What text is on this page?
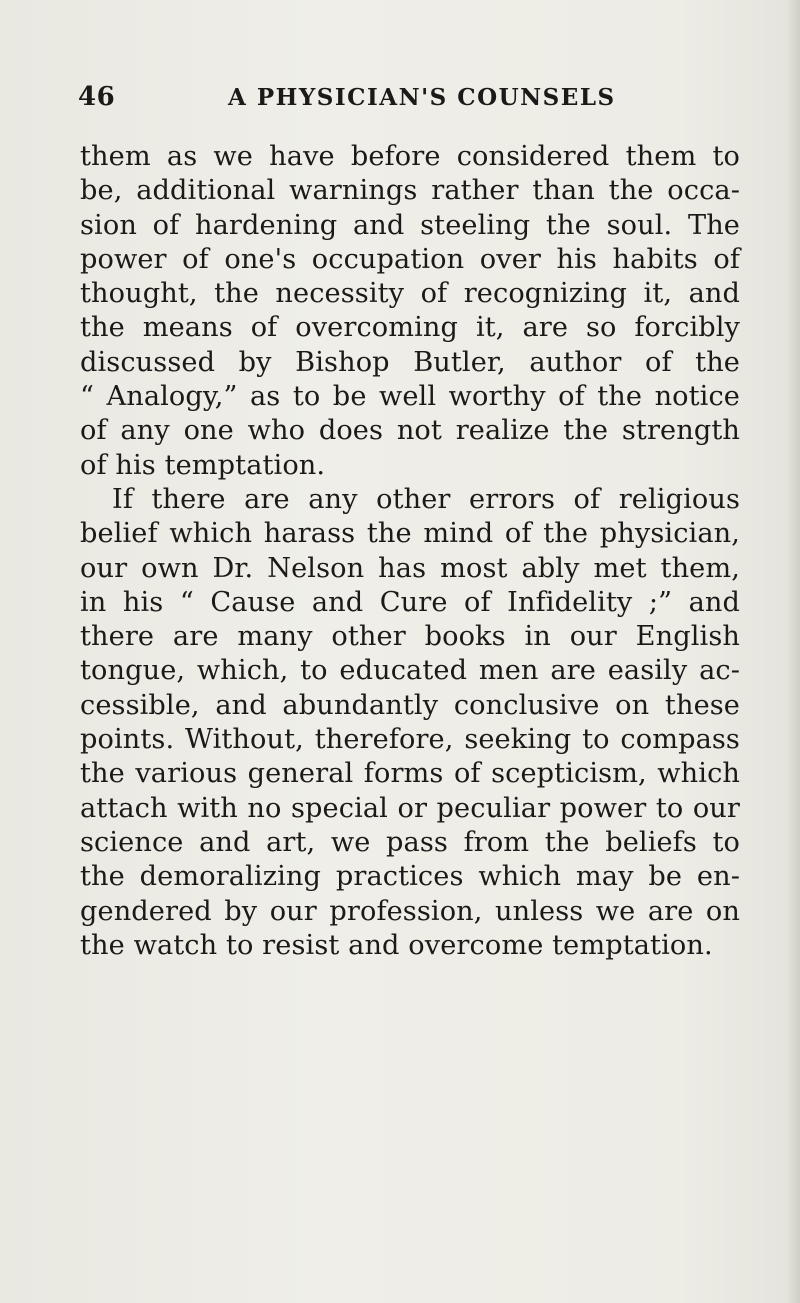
46	A PHYSICIAN'S COUNSELS
them as we have before considered them to
be, additional warnings rather than the occa-
sion of hardening and steeling the soul. The
power of one's occupation over his habits of
thought, the necessity of recognizing it, and
the means of overcoming it, are so forcibly
discussed by Bishop Butler, author of the
“ Analogy,” as to be well worthy of the notice
of any one who does not realize the strength
of his temptation.
If there are any other errors of religious
belief which harass the mind of the physician,
our own Dr. Nelson has most ably met them,
in his “ Cause and Cure of Infidelity ;” and
there are many other books in our English
tongue, which, to educated men are easily ac-
cessible, and abundantly conclusive on these
points. Without, therefore, seeking to compass
the various general forms of scepticism, which
attach with no special or peculiar power to our
science and art, we pass from the beliefs to
the demoralizing practices which may be en-
gendered by our profession, unless we are on
the watch to resist and overcome temptation.
